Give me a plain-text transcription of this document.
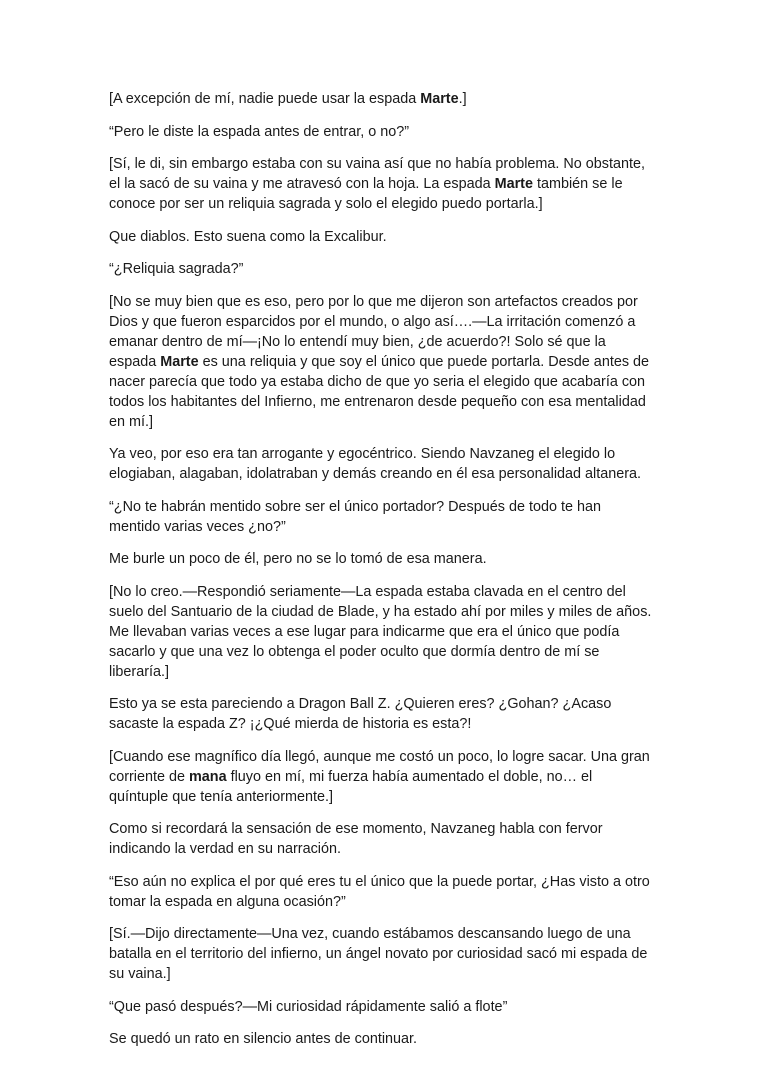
[A excepción de mí, nadie puede usar la espada Marte.]

“Pero le diste la espada antes de entrar, o no?”

[Sí, le di, sin embargo estaba con su vaina así que no había problema. No obstante, el la sacó de su vaina y me atravesó con la hoja. La espada Marte también se le conoce por ser un reliquia sagrada y solo el elegido puedo portarla.]

Que diablos. Esto suena como la Excalibur.

“¿Reliquia sagrada?”

[No se muy bien que es eso, pero por lo que me dijeron son artefactos creados por Dios y que fueron esparcidos por el mundo, o algo así….—La irritación comenzó a emanar dentro de mí—¡No lo entendí muy bien, ¿de acuerdo?! Solo sé que la espada Marte es una reliquia y que soy el único que puede portarla. Desde antes de nacer parecía que todo ya estaba dicho de que yo seria el elegido que acabaría con todos los habitantes del Infierno, me entrenaron desde pequeño con esa mentalidad en mí.]

Ya veo, por eso era tan arrogante y egocéntrico. Siendo Navzaneg el elegido lo elogiaban, alagaban, idolatraban y demás creando en él esa personalidad altanera.

“¿No te habrán mentido sobre ser el único portador? Después de todo te han mentido varias veces ¿no?”

Me burle un poco de él, pero no se lo tomó de esa manera.

[No lo creo.—Respondió seriamente—La espada estaba clavada en el centro del suelo del Santuario de la ciudad de Blade, y ha estado ahí por miles y miles de años. Me llevaban varias veces a ese lugar para indicarme que era el único que podía sacarlo y que una vez lo obtenga el poder oculto que dormía dentro de mí se liberaría.]

Esto ya se esta pareciendo a Dragon Ball Z. ¿Quieren eres? ¿Gohan? ¿Acaso sacaste la espada Z? ¡¿Qué mierda de historia es esta?!

[Cuando ese magnífico día llegó, aunque me costó un poco, lo logre sacar. Una gran corriente de mana fluyo en mí, mi fuerza había aumentado el doble, no… el quíntuple que tenía anteriormente.]

Como si recordará la sensación de ese momento, Navzaneg habla con fervor indicando la verdad en su narración.

“Eso aún no explica el por qué eres tu el único que la puede portar, ¿Has visto a otro tomar la espada en alguna ocasión?”

[Sí.—Dijo directamente—Una vez, cuando estábamos descansando luego de una batalla en el territorio del infierno, un ángel novato por curiosidad sacó mi espada de su vaina.]

“Que pasó después?—Mi curiosidad rápidamente salió a flote”

Se quedó un rato en silencio antes de continuar.
